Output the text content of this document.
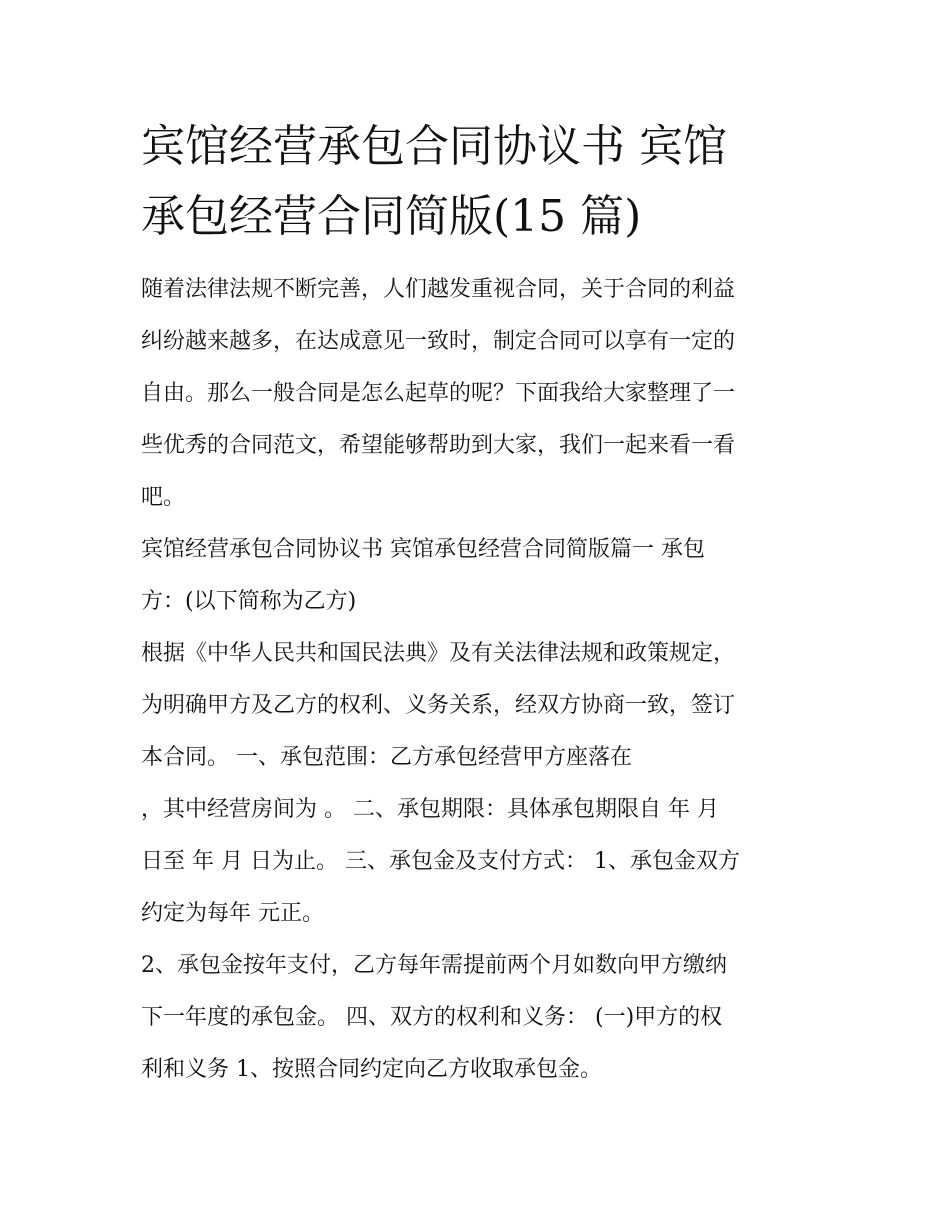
宾馆经营承包合同协议书 宾馆
承包经营合同简版(15 篇)

随着法律法规不断完善，人们越发重视合同，关于合同的利益
纠纷越来越多，在达成意见一致时，制定合同可以享有一定的
自由。那么一般合同是怎么起草的呢？下面我给大家整理了一
些优秀的合同范文，希望能够帮助到大家，我们一起来看一看
吧。

宾馆经营承包合同协议书 宾馆承包经营合同简版篇一 承包
方：(以下简称为乙方)

根据《中华人民共和国民法典》及有关法律法规和政策规定，
为明确甲方及乙方的权利、义务关系，经双方协商一致，签订
本合同。 一、承包范围：乙方承包经营甲方座落在
，其中经营房间为 。 二、承包期限：具体承包期限自 年 月
日至 年 月 日为止。 三、承包金及支付方式： 1、承包金双方
约定为每年 元正。

2、承包金按年支付，乙方每年需提前两个月如数向甲方缴纳
下一年度的承包金。 四、双方的权利和义务： (一)甲方的权
利和义务 1、按照合同约定向乙方收取承包金。
